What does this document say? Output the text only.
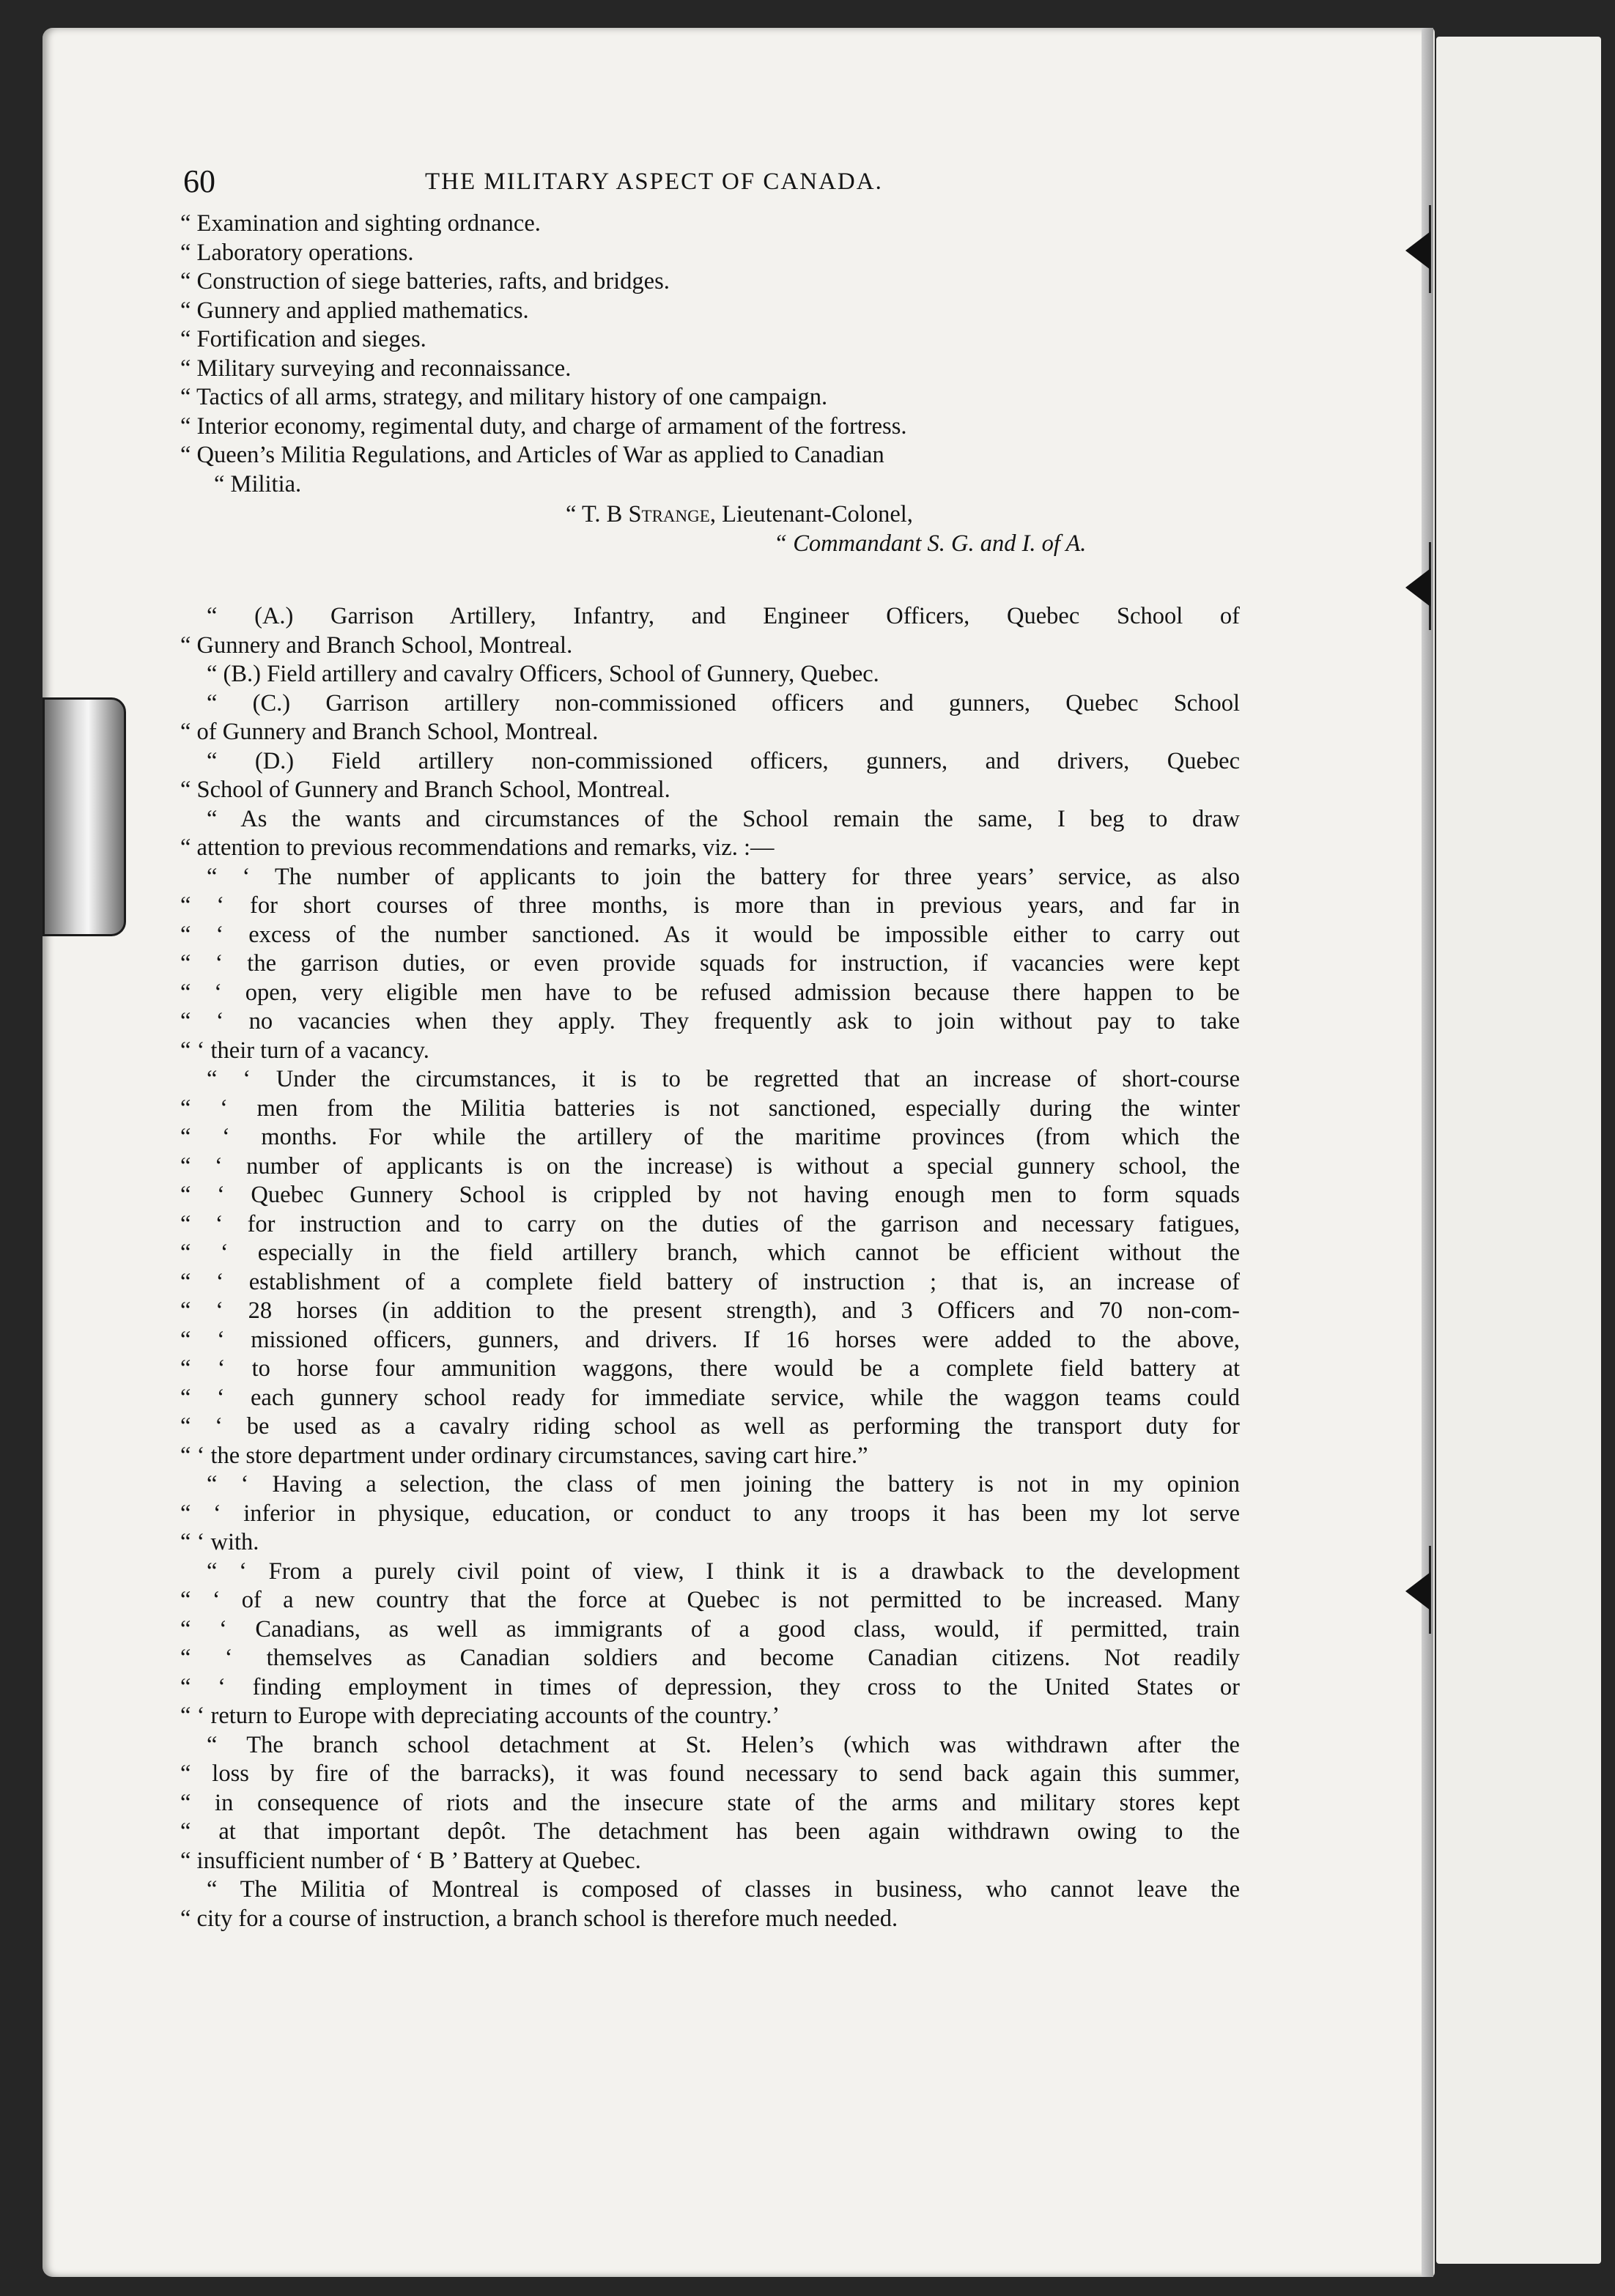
60	THE MILITARY ASPECT OF CANADA.
“ Examination and sighting ordnance.
“ Laboratory operations.
“ Construction of siege batteries, rafts, and bridges.
“ Gunnery and applied mathematics.
“ Fortification and sieges.
“ Military surveying and reconnaissance.
“ Tactics of all arms, strategy, and military history of one campaign.
“ Interior economy, regimental duty, and charge of armament of the fortress.
“ Queen’s Militia Regulations, and Articles of War as applied to Canadian
“ Militia.
“ T. B Strange, Lieutenant-Colonel,
“ Commandant S. G. and I. of A.
“ (A.) Garrison Artillery, Infantry, and Engineer Officers, Quebec School of
“ Gunnery and Branch School, Montreal.
“ (B.) Field artillery and cavalry Officers, School of Gunnery, Quebec.
“ (C.) Garrison artillery non-commissioned officers and gunners, Quebec School
“ of Gunnery and Branch School, Montreal.
“ (D.) Field artillery non-commissioned officers, gunners, and drivers, Quebec
“ School of Gunnery and Branch School, Montreal.
“ As the wants and circumstances of the School remain the same, I beg to draw
“ attention to previous recommendations and remarks, viz. :—
“ ‘ The number of applicants to join the battery for three years’ service, as also
“ ‘ for short courses of three months, is more than in previous years, and far in
“ ‘ excess of the number sanctioned. As it would be impossible either to carry out
“ ‘ the garrison duties, or even provide squads for instruction, if vacancies were kept
“ ‘ open, very eligible men have to be refused admission because there happen to be
“ ‘ no vacancies when they apply. They frequently ask to join without pay to take
“ ‘ their turn of a vacancy.
“ ‘ Under the circumstances, it is to be regretted that an increase of short-course
“ ‘ men from the Militia batteries is not sanctioned, especially during the winter
“ ‘ months. For while the artillery of the maritime provinces (from which the
“ ‘ number of applicants is on the increase) is without a special gunnery school, the
“ ‘ Quebec Gunnery School is crippled by not having enough men to form squads
“ ‘ for instruction and to carry on the duties of the garrison and necessary fatigues,
“ ‘ especially in the field artillery branch, which cannot be efficient without the
“ ‘ establishment of a complete field battery of instruction ; that is, an increase of
“ ‘ 28 horses (in addition to the present strength), and 3 Officers and 70 non-com-
“ ‘ missioned officers, gunners, and drivers. If 16 horses were added to the above,
“ ‘ to horse four ammunition waggons, there would be a complete field battery at
“ ‘ each gunnery school ready for immediate service, while the waggon teams could
“ ‘ be used as a cavalry riding school as well as performing the transport duty for
“ ‘ the store department under ordinary circumstances, saving cart hire.”
“ ‘ Having a selection, the class of men joining the battery is not in my opinion
“ ‘ inferior in physique, education, or conduct to any troops it has been my lot serve
“ ‘ with.
“ ‘ From a purely civil point of view, I think it is a drawback to the development
“ ‘ of a new country that the force at Quebec is not permitted to be increased. Many
“ ‘ Canadians, as well as immigrants of a good class, would, if permitted, train
“ ‘ themselves as Canadian soldiers and become Canadian citizens. Not readily
“ ‘ finding employment in times of depression, they cross to the United States or
“ ‘ return to Europe with depreciating accounts of the country.’
“ The branch school detachment at St. Helen’s (which was withdrawn after the
“ loss by fire of the barracks), it was found necessary to send back again this summer,
“ in consequence of riots and the insecure state of the arms and military stores kept
“ at that important depôt. The detachment has been again withdrawn owing to the
“ insufficient number of ‘ B ’ Battery at Quebec.
“ The Militia of Montreal is composed of classes in business, who cannot leave the
“ city for a course of instruction, a branch school is therefore much needed.
